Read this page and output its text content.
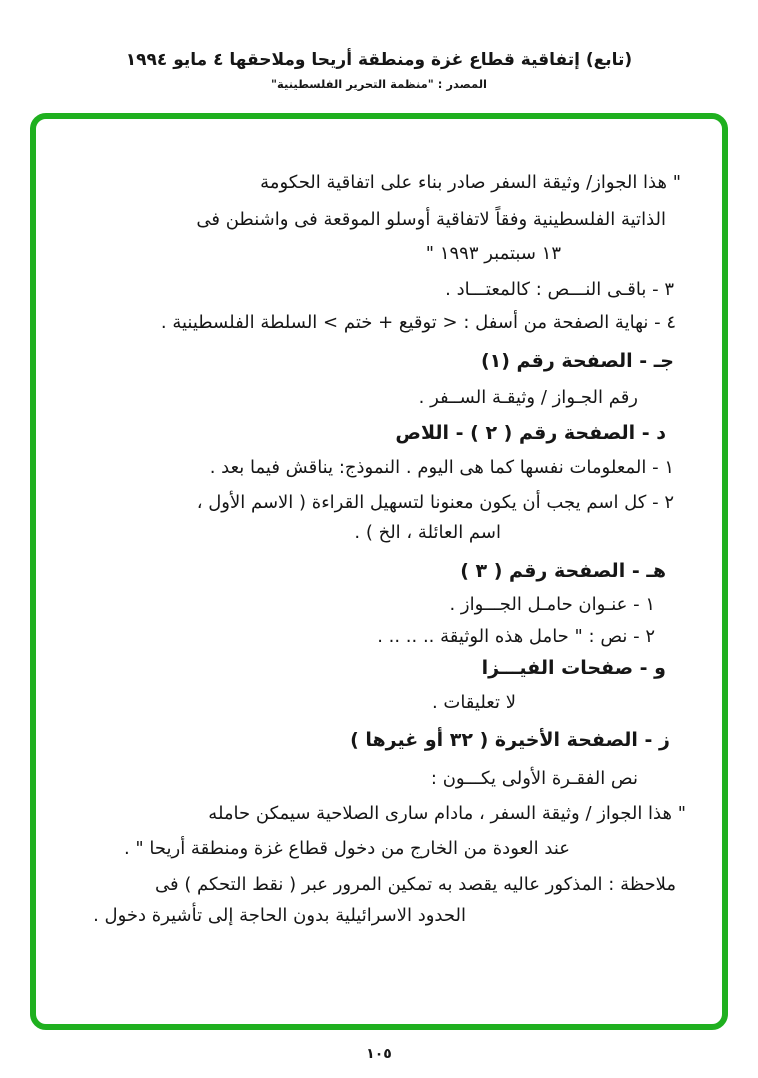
(تابع) إتفاقية قطاع غزة ومنطقة أريحا وملاحقها ٤ مايو ١٩٩٤
المصدر : "منظمة التحرير الفلسطينية"
" هذا الجواز/ وثيقة السفر صادر بناء على اتفاقية الحكومة
الذاتية الفلسطينية وفقاً لاتفاقية أوسلو الموقعة فى واشنطن فى
١٣ سبتمبر ١٩٩٣ "
٣ - باقـى النـــص : كالمعتـــاد .
٤ - نهاية الصفحة من أسفل : < توقيع + ختم > السلطة الفلسطينية .
جـ - الصفحة رقم (١)
رقم الجـواز / وثيقـة الســفر .
د - الصفحة رقم ( ٢ ) - اللاص
١ - المعلومات نفسها كما هى اليوم . النموذج: يناقش فيما بعد .
٢ - كل اسم يجب أن يكون معنونا لتسهيل القراءة ( الاسم الأول ،
اسم العائلة ، الخ ) .
هـ - الصفحة رقم ( ٣ )
١ - عنـوان حامـل الجـــواز .
٢ - نص : " حامل هذه الوثيقة .. .. .. .
و - صفحات الفيـــزا
لا تعليقات .
ز - الصفحة الأخيرة ( ٣٢ أو غيرها )
نص الفقـرة الأولى يكـــون :
" هذا الجواز / وثيقة السفر ، مادام سارى الصلاحية سيمكن حامله
عند العودة من الخارج من دخول قطاع غزة ومنطقة أريحا " .
ملاحظة : المذكور عاليه يقصد به تمكين المرور عبر ( نقط التحكم ) فى
الحدود الاسرائيلية بدون الحاجة إلى تأشيرة دخول .
١٠٥
